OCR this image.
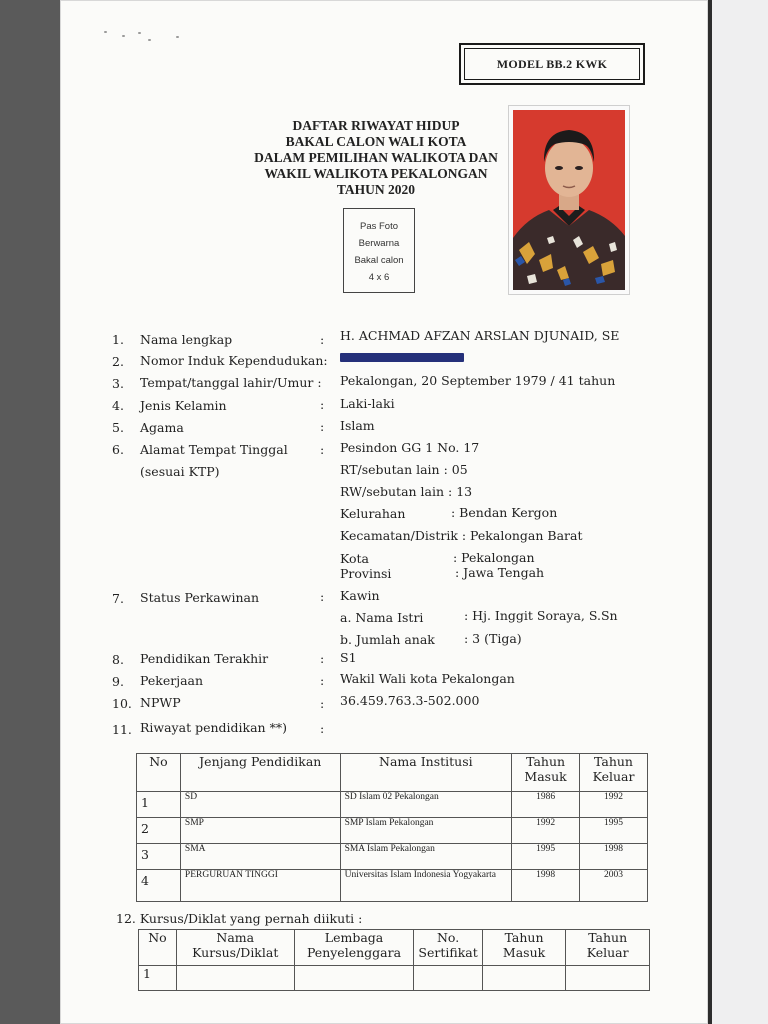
MODEL BB.2 KWK
DAFTAR RIWAYAT HIDUP
BAKAL CALON WALI KOTA
DALAM PEMILIHAN WALIKOTA DAN
WAKIL WALIKOTA PEKALONGAN
TAHUN 2020
Pas Foto
Berwarna
Bakal calon
4 x 6
1. Nama lengkap	: H. ACHMAD AFZAN ARSLAN DJUNAID, SE
2. Nomor Induk Kependudukan:
3. Tempat/tanggal lahir/Umur : Pekalongan, 20 September 1979 / 41 tahun
4. Jenis Kelamin	: Laki-laki
5. Agama	: Islam
6. Alamat Tempat Tinggal
(sesuai KTP)
: Pesindon GG 1 No. 17
RT/sebutan lain : 05
RW/sebutan lain : 13
Kelurahan	: Bendan Kergon
Kecamatan/Distrik : Pekalongan Barat
Kota	: Pekalongan
Provinsi	: Jawa Tengah
7. Status Perkawinan	: Kawin
a. Nama Istri	: Hj. Inggit Soraya, S.Sn
b. Jumlah anak : 3 (Tiga)
8. Pendidikan Terakhir	: S1
9. Pekerjaan	: Wakil Wali kota Pekalongan
10. NPWP	: 36.459.763.3-502.000
11. Riwayat pendidikan **)	:
No	Jenjang Pendidikan	Nama Institusi	Tahun Masuk	Tahun Keluar
1	SD	SD Islam 02 Pekalongan	1986	1992
2	SMP	SMP Islam Pekalongan	1992	1995
3	SMA	SMA Islam Pekalongan	1995	1998
4	PERGURUAN TINGGI	Universitas Islam Indonesia Yogyakarta	1998	2003
12. Kursus/Diklat yang pernah diikuti :
No	Nama Kursus/Diklat	Lembaga Penyelenggara	No. Sertifikat	Tahun Masuk	Tahun Keluar
1					
